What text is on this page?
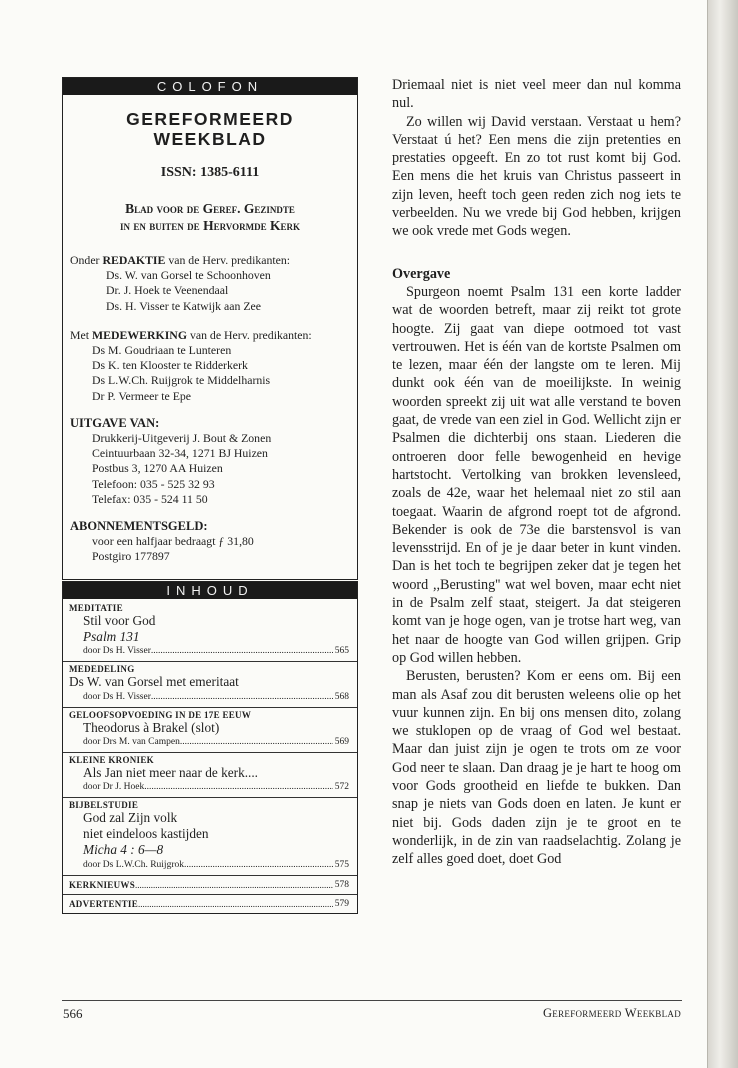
COLOFON
GEREFORMEERD
WEEKBLAD
ISSN: 1385-6111
Blad voor de Geref. Gezindte
in en buiten de Hervormde Kerk
Onder REDAKTIE van de Herv. predikanten:
Ds. W. van Gorsel te Schoonhoven
Dr. J. Hoek te Veenendaal
Ds. H. Visser te Katwijk aan Zee
Met MEDEWERKING van de Herv. predikanten:
Ds M. Goudriaan te Lunteren
Ds K. ten Klooster te Ridderkerk
Ds L.W.Ch. Ruijgrok te Middelharnis
Dr P. Vermeer te Epe
UITGAVE VAN:
Drukkerij-Uitgeverij J. Bout & Zonen
Ceintuurbaan 32-34, 1271 BJ Huizen
Postbus 3, 1270 AA Huizen
Telefoon: 035 - 525 32 93
Telefax: 035 - 524 11 50
ABONNEMENTSGELD:
voor een halfjaar bedraagt ƒ 31,80
Postgiro 177897
INHOUD
MEDITATIE
Stil voor God
Psalm 131
door Ds H. Visser .....	565
MEDEDELING
Ds W. van Gorsel met emeritaat
door Ds H. Visser .....	568
GELOOFSOPVOEDING IN DE 17E EEUW
Theodorus à Brakel (slot)
door Drs M. van Campen .....	569
KLEINE KRONIEK
Als Jan niet meer naar de kerk....
door Dr J. Hoek .....	572
BIJBELSTUDIE
God zal Zijn volk
niet eindeloos kastijden
Micha 4 : 6—8
door Ds L.W.Ch. Ruijgrok .....	575
KERKNIEUWS .....	578
ADVERTENTIE .....	579

Driemaal niet is niet veel meer dan nul komma nul.

Zo willen wij David verstaan. Verstaat u hem? Verstaat ú het? Een mens die zijn pretenties en prestaties opgeeft. En zo tot rust komt bij God. Een mens die het kruis van Christus passeert in zijn leven, heeft toch geen reden zich nog iets te verbeelden. Nu we vrede bij God hebben, krijgen we ook vrede met Gods wegen.

Overgave

Spurgeon noemt Psalm 131 een korte ladder wat de woorden betreft, maar zij reikt tot grote hoogte. Zij gaat van diepe ootmoed tot vast vertrouwen. Het is één van de kortste Psalmen om te lezen, maar één der langste om te leren. Mij dunkt ook één van de moeilijkste. In weinig woorden spreekt zij uit wat alle verstand te boven gaat, de vrede van een ziel in God. Wellicht zijn er Psalmen die dichterbij ons staan. Liederen die ontroeren door felle bewogenheid en hevige hartstocht. Vertolking van brokken levensleed, zoals de 42e, waar het helemaal niet zo stil aan toegaat. Waarin de afgrond roept tot de afgrond. Bekender is ook de 73e die barstensvol is van levensstrijd. En of je je daar beter in kunt vinden. Dan is het toch te begrijpen zeker dat je tegen het woord ,,Berusting'' wat wel boven, maar echt niet in de Psalm zelf staat, steigert. Ja dat steigeren komt van je hoge ogen, van je trotse hart weg, van het naar de hoogte van God willen grijpen. Grip op God willen hebben.

Berusten, berusten? Kom er eens om. Bij een man als Asaf zou dit berusten weleens olie op het vuur kunnen zijn. En bij ons mensen dito, zolang we stuklopen op de vraag of God wel bestaat. Maar dan juist zijn je ogen te trots om ze voor God neer te slaan. Dan draag je je hart te hoog om voor Gods grootheid en liefde te bukken. Dan snap je niets van Gods doen en laten. Je kunt er niet bij. Gods daden zijn je te groot en te wonderlijk, in de zin van raadselachtig. Zolang je zelf alles goed doet, doet God

566	Gereformeerd Weekblad
